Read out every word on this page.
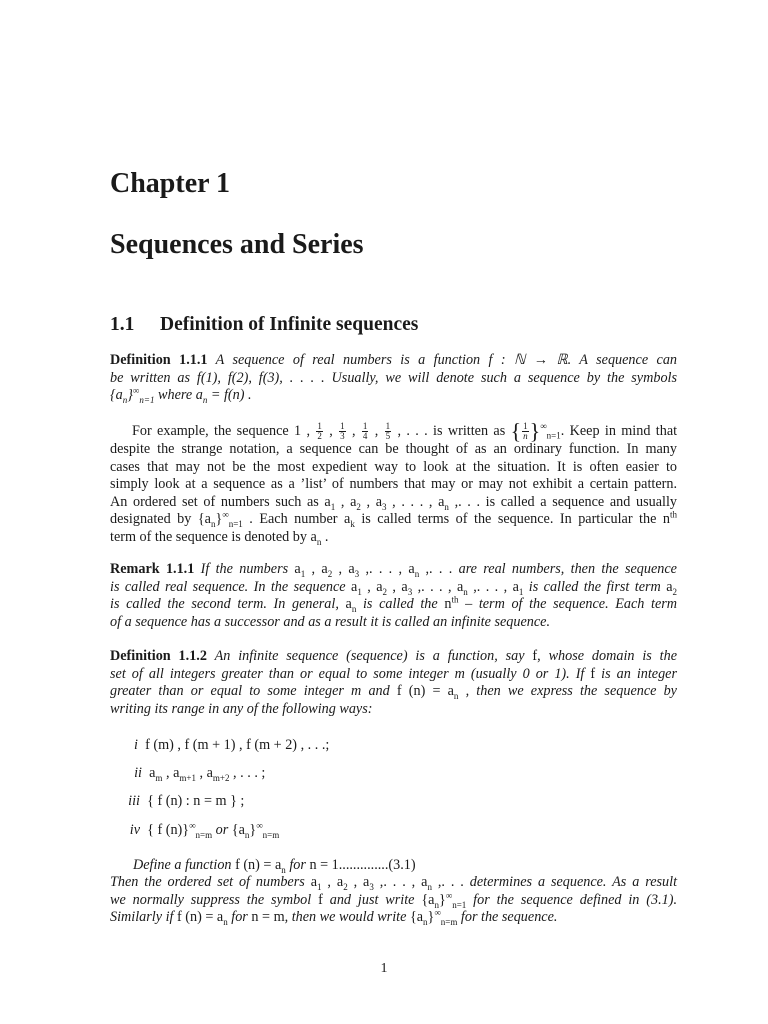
Chapter 1
Sequences and Series
1.1 Definition of Infinite sequences
Definition 1.1.1 A sequence of real numbers is a function f : ℕ → ℝ. A sequence can
be written as f(1), f(2), f(3), . . . . Usually, we will denote such a sequence by the symbols
$\{a_n\}^\infty_{n=1}$ where $a_n = f(n)$ .
For example, the sequence 1 , $\frac{1}{2}$ , $\frac{1}{3}$ , $\frac{1}{4}$ , $\frac{1}{5}$ , . . . is written as { $\frac{1}{n} \}^\infty_{n=1}$. Keep in mind that
despite the strange notation, a sequence can be thought of as an ordinary function. In many
cases that may not be the most expedient way to look at the situation. It is often easier to
simply look at a sequence as a ’list’ of numbers that may or may not exhibit a certain pattern.
An ordered set of numbers such as $a_1$ , $a_2$ , $a_3$ , . . . , $a_n$ ,. . . is called a sequence and usually
designated by $\{a_n\}^\infty_{n=1}$ . Each number $a_k$ is called terms of the sequence. In particular the $n^{th}$
term of the sequence is denoted by $a_n$ .
Remark 1.1.1 If the numbers $a_1$ , $a_2$ , $a_3$ ,. . . , $a_n$ ,. . . are real numbers, then the sequence
is called real sequence. In the sequence $a_1$ , $a_2$ , $a_3$ ,. . . , $a_n$ ,. . . , $a_1$ is called the first term $a_2$
is called the second term. In general, $a_n$ is called the $n^{th}$ – term of the sequence. Each term
of a sequence has a successor and as a result it is called an infinite sequence.
Definition 1.1.2 An infinite sequence (sequence) is a function, say f, whose domain is the
set of all integers greater than or equal to some integer m (usually 0 or 1). If f is an integer
greater than or equal to some integer m and f $(n) = a_n$ , then we express the sequence by
writing its range in any of the following ways:
i f (m) , f (m + 1) , f (m + 2) , . . .;
ii $a_m$ , $a_{m+1}$ , $a_{m+2}$ , . . . ;
iii { f (n) : n = m } ;
iv { f $(n)\}^\infty_{n=m}$ or $\{a_n\}^\infty_{n=m}$
Define a function f $(n) = a_n$ for n = 1..............(3.1)
Then the ordered set of numbers $a_1$ , $a_2$ , $a_3$ ,. . . , $a_n$ ,. . . determines a sequence. As a result
we normally suppress the symbol f and just write $\{a_n\}^\infty_{n=1}$ for the sequence defined in (3.1).
Similarly if f $(n) = a_n$ for n = m, then we would write $\{a_n\}^\infty_{n=m}$ for the sequence.
1
